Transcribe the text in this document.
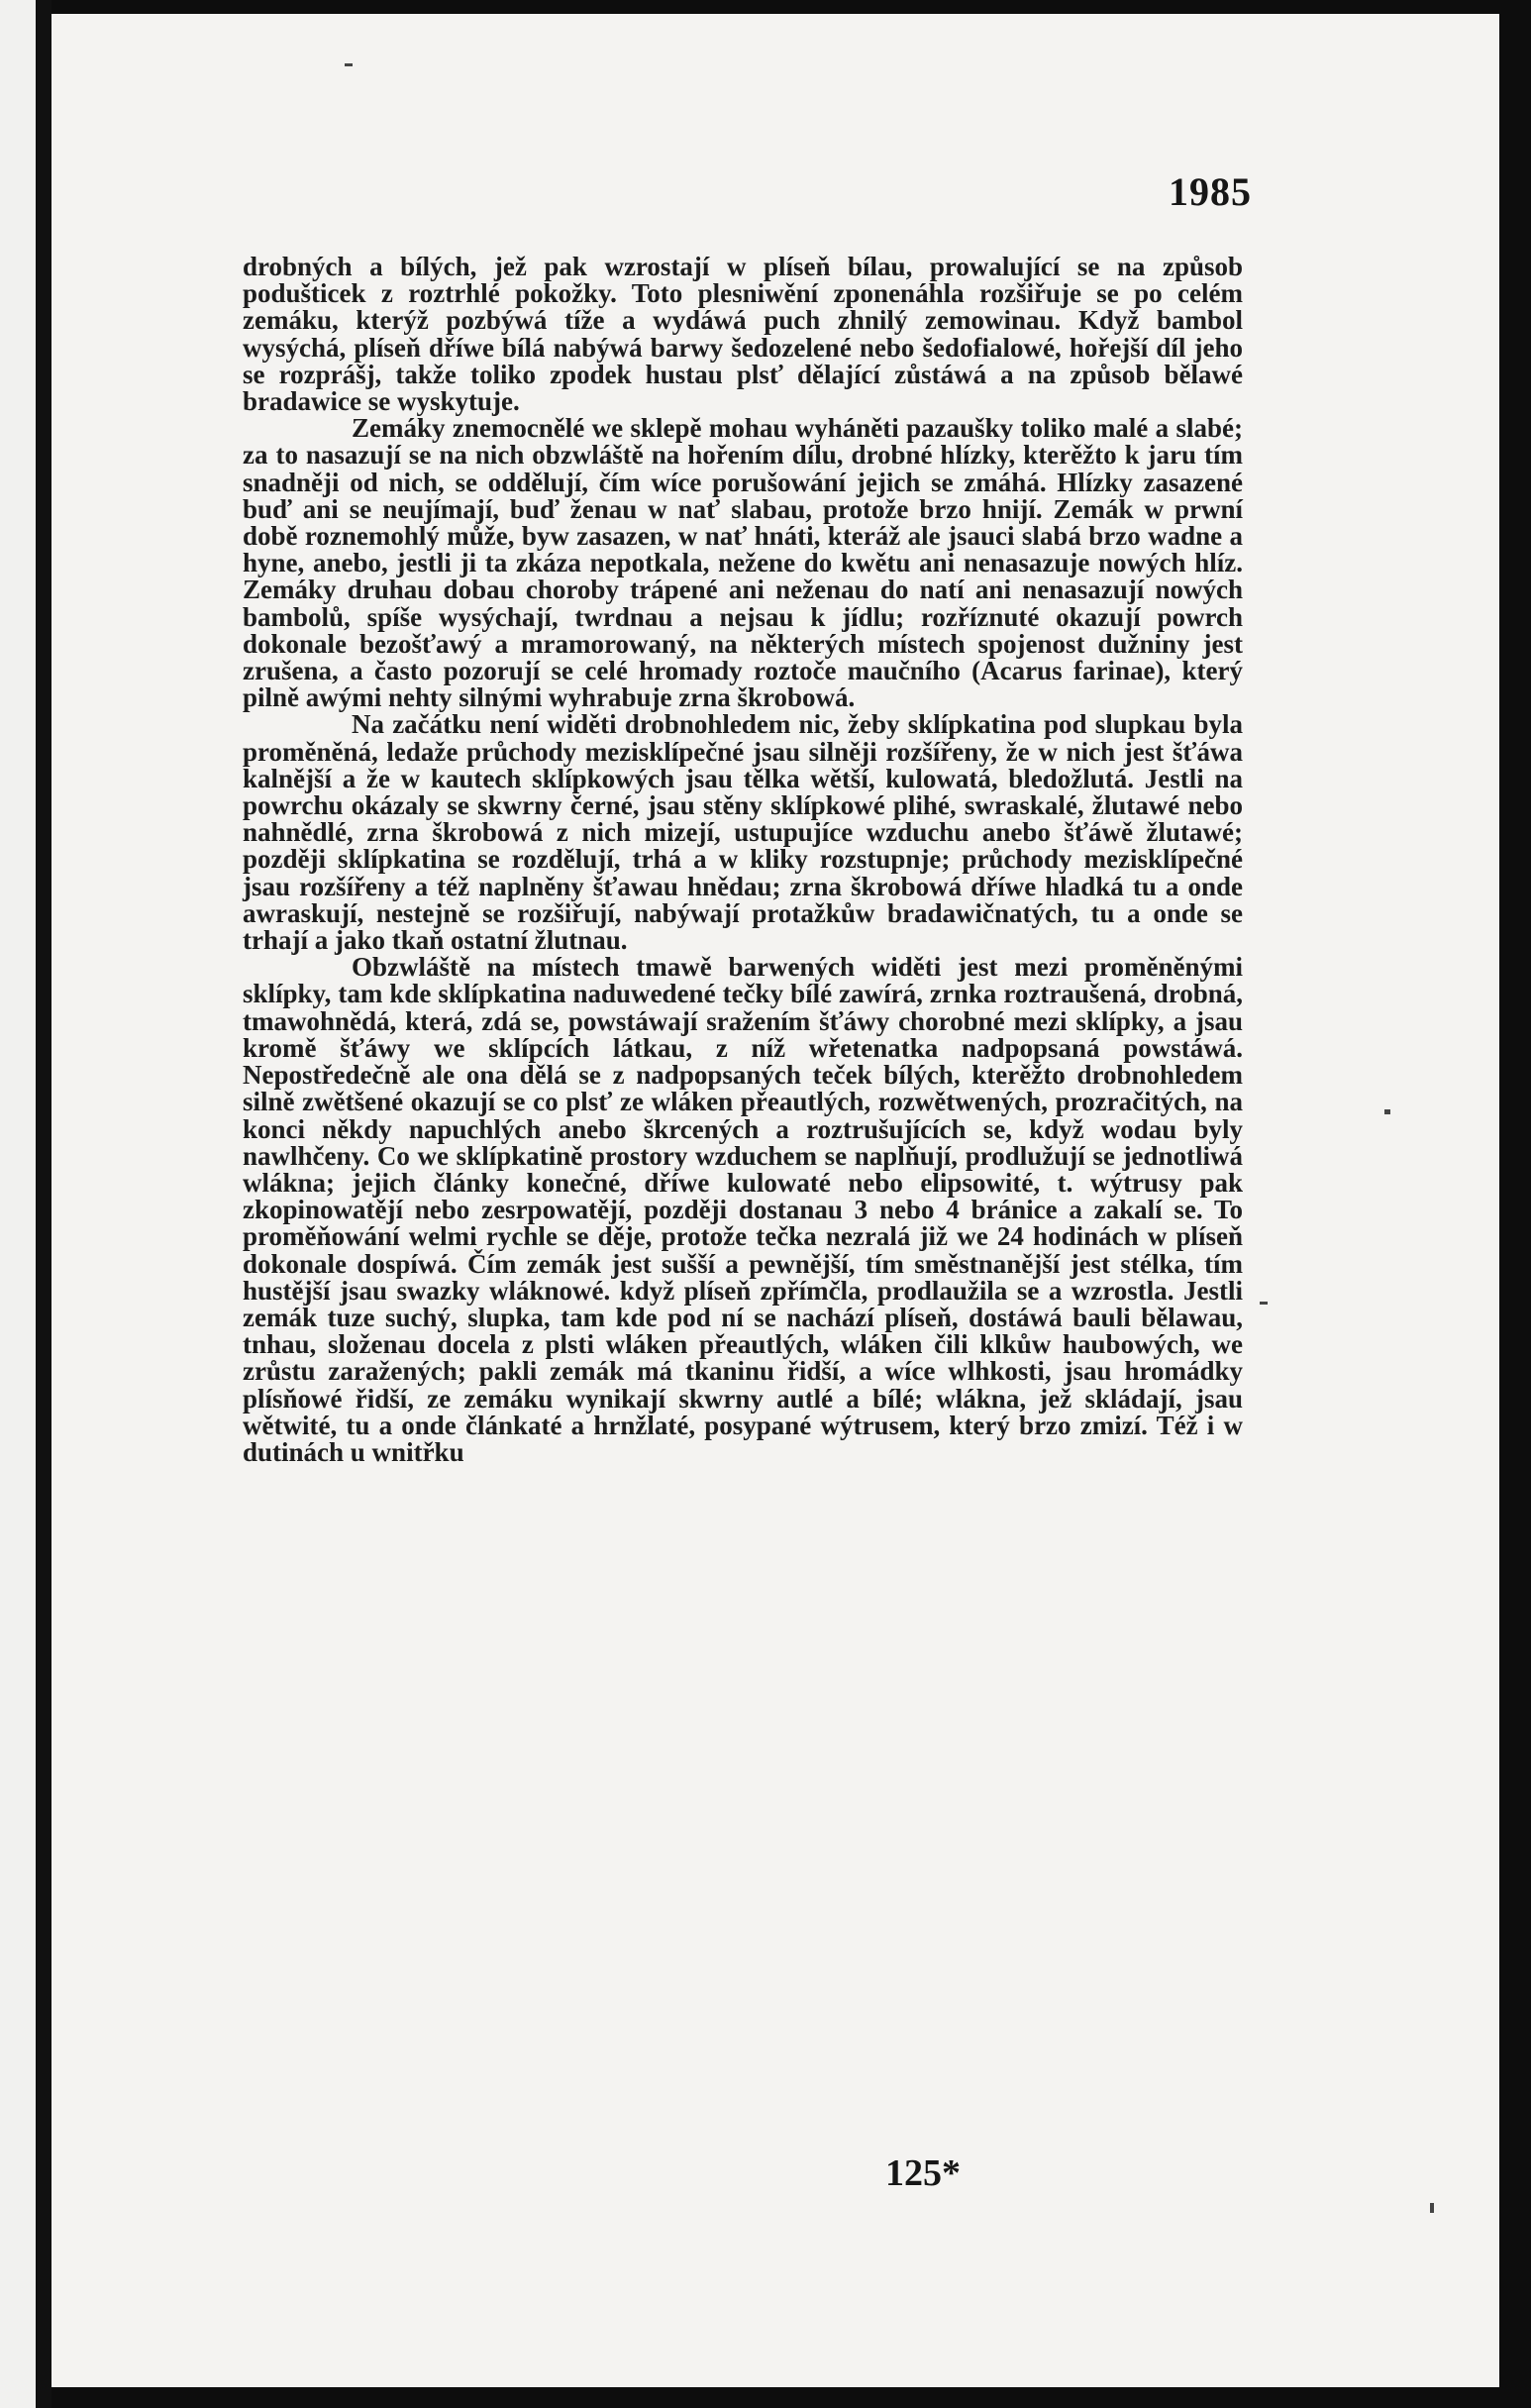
1985

drobných a bílých, jež pak wzrostají w plíseň bílau, prowalující se na způsob podušticek z roztrhlé pokožky. Toto plesniwění zponenáhla rozšiřuje se po celém zemáku, kterýž pozbýwá tíže a wydáwá puch zhnilý zemowinau. Když bambol wysýchá, plíseň dříwe bílá nabýwá barwy šedozelené nebo šedofialowé, hořejší díl jeho se rozprášj, takže toliko zpodek hustau plsť dělající zůstáwá a na způsob bělawé bradawice se wyskytuje.

Zemáky znemocnělé we sklepě mohau wyháněti pazaušky toliko malé a slabé; za to nasazují se na nich obzwláště na hořením dílu, drobné hlízky, kterěžto k jaru tím snadněji od nich, se oddělují, čím wíce porušowání jejich se zmáhá. Hlízky zasazené buď ani se neujímají, buď ženau w nať slabau, protože brzo hnijí. Zemák w prwní době roznemohlý může, byw zasazen, w nať hnáti, kteráž ale jsauci slabá brzo wadne a hyne, anebo, jestli ji ta zkáza nepotkala, nežene do kwětu ani nenasazuje nowých hlíz. Zemáky druhau dobau choroby trápené ani neženau do natí ani nenasazují nowých bambolů, spíše wysýchají, twrdnau a nejsau k jídlu; rozříznuté okazují powrch dokonale bezošťawý a mramorowaný, na některých místech spojenost dužniny jest zrušena, a často pozorují se celé hromady roztoče maučního (Acarus farinae), který pilně awými nehty silnými wyhrabuje zrna škrobowá.

Na začátku není widěti drobnohledem nic, žeby sklípkatina pod slupkau byla proměněná, ledaže průchody mezisklípečné jsau silněji rozšířeny, že w nich jest šťáwa kalnější a že w kautech sklípkowých jsau tělka wětší, kulowatá, bledožlutá. Jestli na powrchu okázaly se skwrny černé, jsau stěny sklípkowé plihé, swraskalé, žlutawé nebo nahnědlé, zrna škrobowá z nich mizejí, ustupujíce wzduchu anebo šťáwě žlutawé; později sklípkatina se rozdělují, trhá a w kliky rozstupnje; průchody mezisklípečné jsau rozšířeny a též naplněny šťawau hnědau; zrna škrobowá dříwe hladká tu a onde awraskují, nestejně se rozšiřují, nabýwají protažkůw bradawičnatých, tu a onde se trhají a jako tkaň ostatní žlutnau.

Obzwláště na místech tmawě barwených widěti jest mezi proměněnými sklípky, tam kde sklípkatina naduwedené tečky bílé zawírá, zrnka roztraušená, drobná, tmawohnědá, která, zdá se, powstáwají sražením šťáwy chorobné mezi sklípky, a jsau kromě šťáwy we sklípcích látkau, z níž wřetenatka nadpopsaná powstáwá. Nepostředečně ale ona dělá se z nadpopsaných teček bílých, kterěžto drobnohledem silně zwětšené okazují se co plsť ze wláken přeautlých, rozwětwených, prozračitých, na konci někdy napuchlých anebo škrcených a roztrušujících se, když wodau byly nawlhčeny. Co we sklípkatině prostory wzduchem se naplňují, prodlužují se jednotliwá wlákna; jejich články konečné, dříwe kulowaté nebo elipsowité, t. wýtrusy pak zkopinowatějí nebo zesrpowatějí, později dostanau 3 nebo 4 bránice a zakalí se. To proměňowání welmi rychle se děje, protože tečka nezralá již we 24 hodinách w plíseň dokonale dospíwá. Čím zemák jest sušší a pewnější, tím směstnanější jest stélka, tím hustější jsau swazky wláknowé. když plíseň zpřímčla, prodlaužila se a wzrostla. Jestli zemák tuze suchý, slupka, tam kde pod ní se nachází plíseň, dostáwá bauli bělawau, tnhau, složenau docela z plsti wláken přeautlých, wláken čili klkůw haubowých, we zrůstu zaražených; pakli zemák má tkaninu řidší, a wíce wlhkosti, jsau hromádky plísňowé řidší, ze zemáku wynikají skwrny autlé a bílé; wlákna, jež skládají, jsau wětwité, tu a onde článkaté a hrnžlaté, posypané wýtrusem, který brzo zmizí. Též i w dutinách u wnitřku

125*
